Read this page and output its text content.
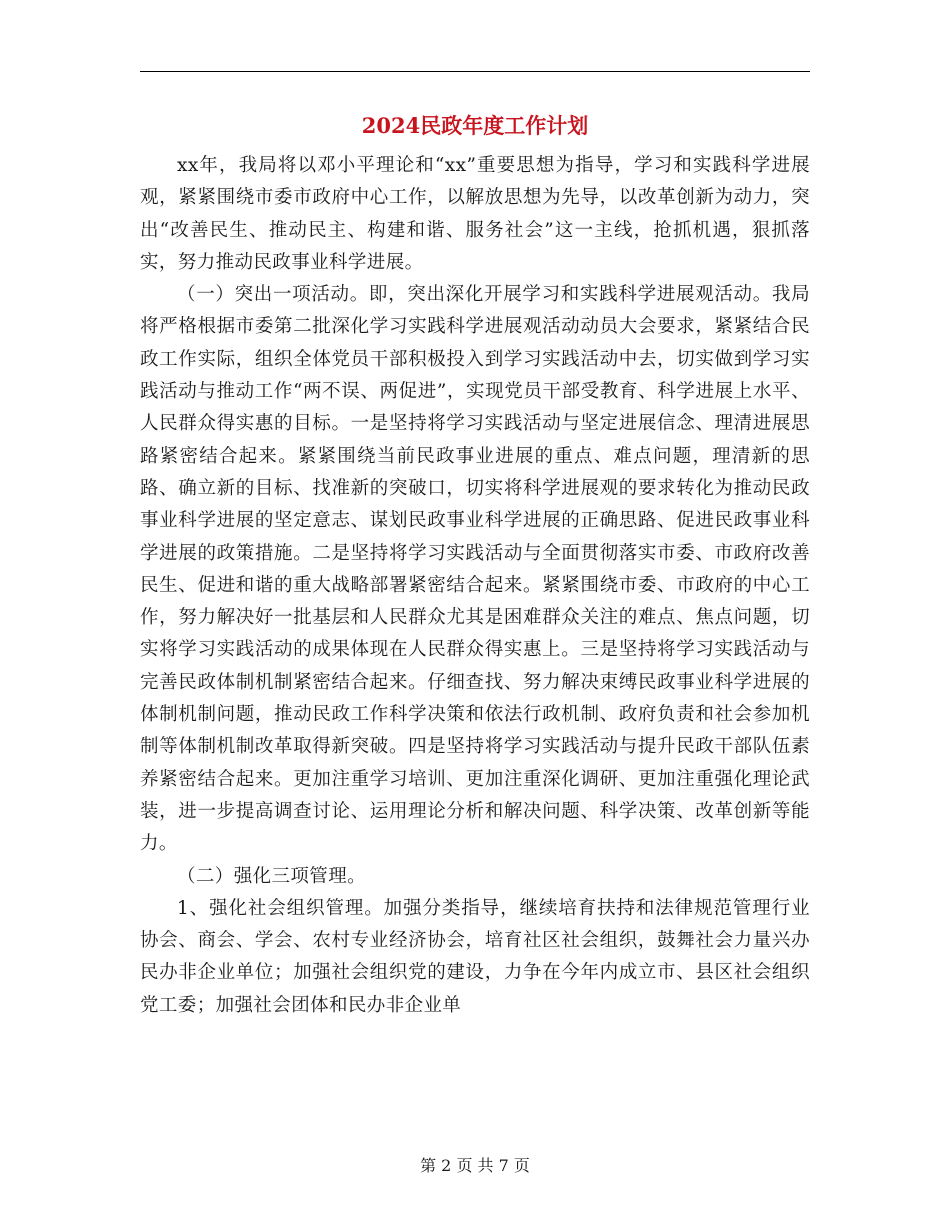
2024民政年度工作计划

xx年，我局将以邓小平理论和“xx”重要思想为指导，学习和实践科学进展观，紧紧围绕市委市政府中心工作，以解放思想为先导，以改革创新为动力，突出“改善民生、推动民主、构建和谐、服务社会”这一主线，抢抓机遇，狠抓落实，努力推动民政事业科学进展。

（一）突出一项活动。即，突出深化开展学习和实践科学进展观活动。我局将严格根据市委第二批深化学习实践科学进展观活动动员大会要求，紧紧结合民政工作实际，组织全体党员干部积极投入到学习实践活动中去，切实做到学习实践活动与推动工作“两不误、两促进”，实现党员干部受教育、科学进展上水平、人民群众得实惠的目标。一是坚持将学习实践活动与坚定进展信念、理清进展思路紧密结合起来。紧紧围绕当前民政事业进展的重点、难点问题，理清新的思路、确立新的目标、找准新的突破口，切实将科学进展观的要求转化为推动民政事业科学进展的坚定意志、谋划民政事业科学进展的正确思路、促进民政事业科学进展的政策措施。二是坚持将学习实践活动与全面贯彻落实市委、市政府改善民生、促进和谐的重大战略部署紧密结合起来。紧紧围绕市委、市政府的中心工作，努力解决好一批基层和人民群众尤其是困难群众关注的难点、焦点问题，切实将学习实践活动的成果体现在人民群众得实惠上。三是坚持将学习实践活动与完善民政体制机制紧密结合起来。仔细查找、努力解决束缚民政事业科学进展的体制机制问题，推动民政工作科学决策和依法行政机制、政府负责和社会参加机制等体制机制改革取得新突破。四是坚持将学习实践活动与提升民政干部队伍素养紧密结合起来。更加注重学习培训、更加注重深化调研、更加注重强化理论武装，进一步提高调查讨论、运用理论分析和解决问题、科学决策、改革创新等能力。

（二）强化三项管理。

1、强化社会组织管理。加强分类指导，继续培育扶持和法律规范管理行业协会、商会、学会、农村专业经济协会，培育社区社会组织，鼓舞社会力量兴办民办非企业单位；加强社会组织党的建设，力争在今年内成立市、县区社会组织党工委；加强社会团体和民办非企业单

第 2 页 共 7 页
